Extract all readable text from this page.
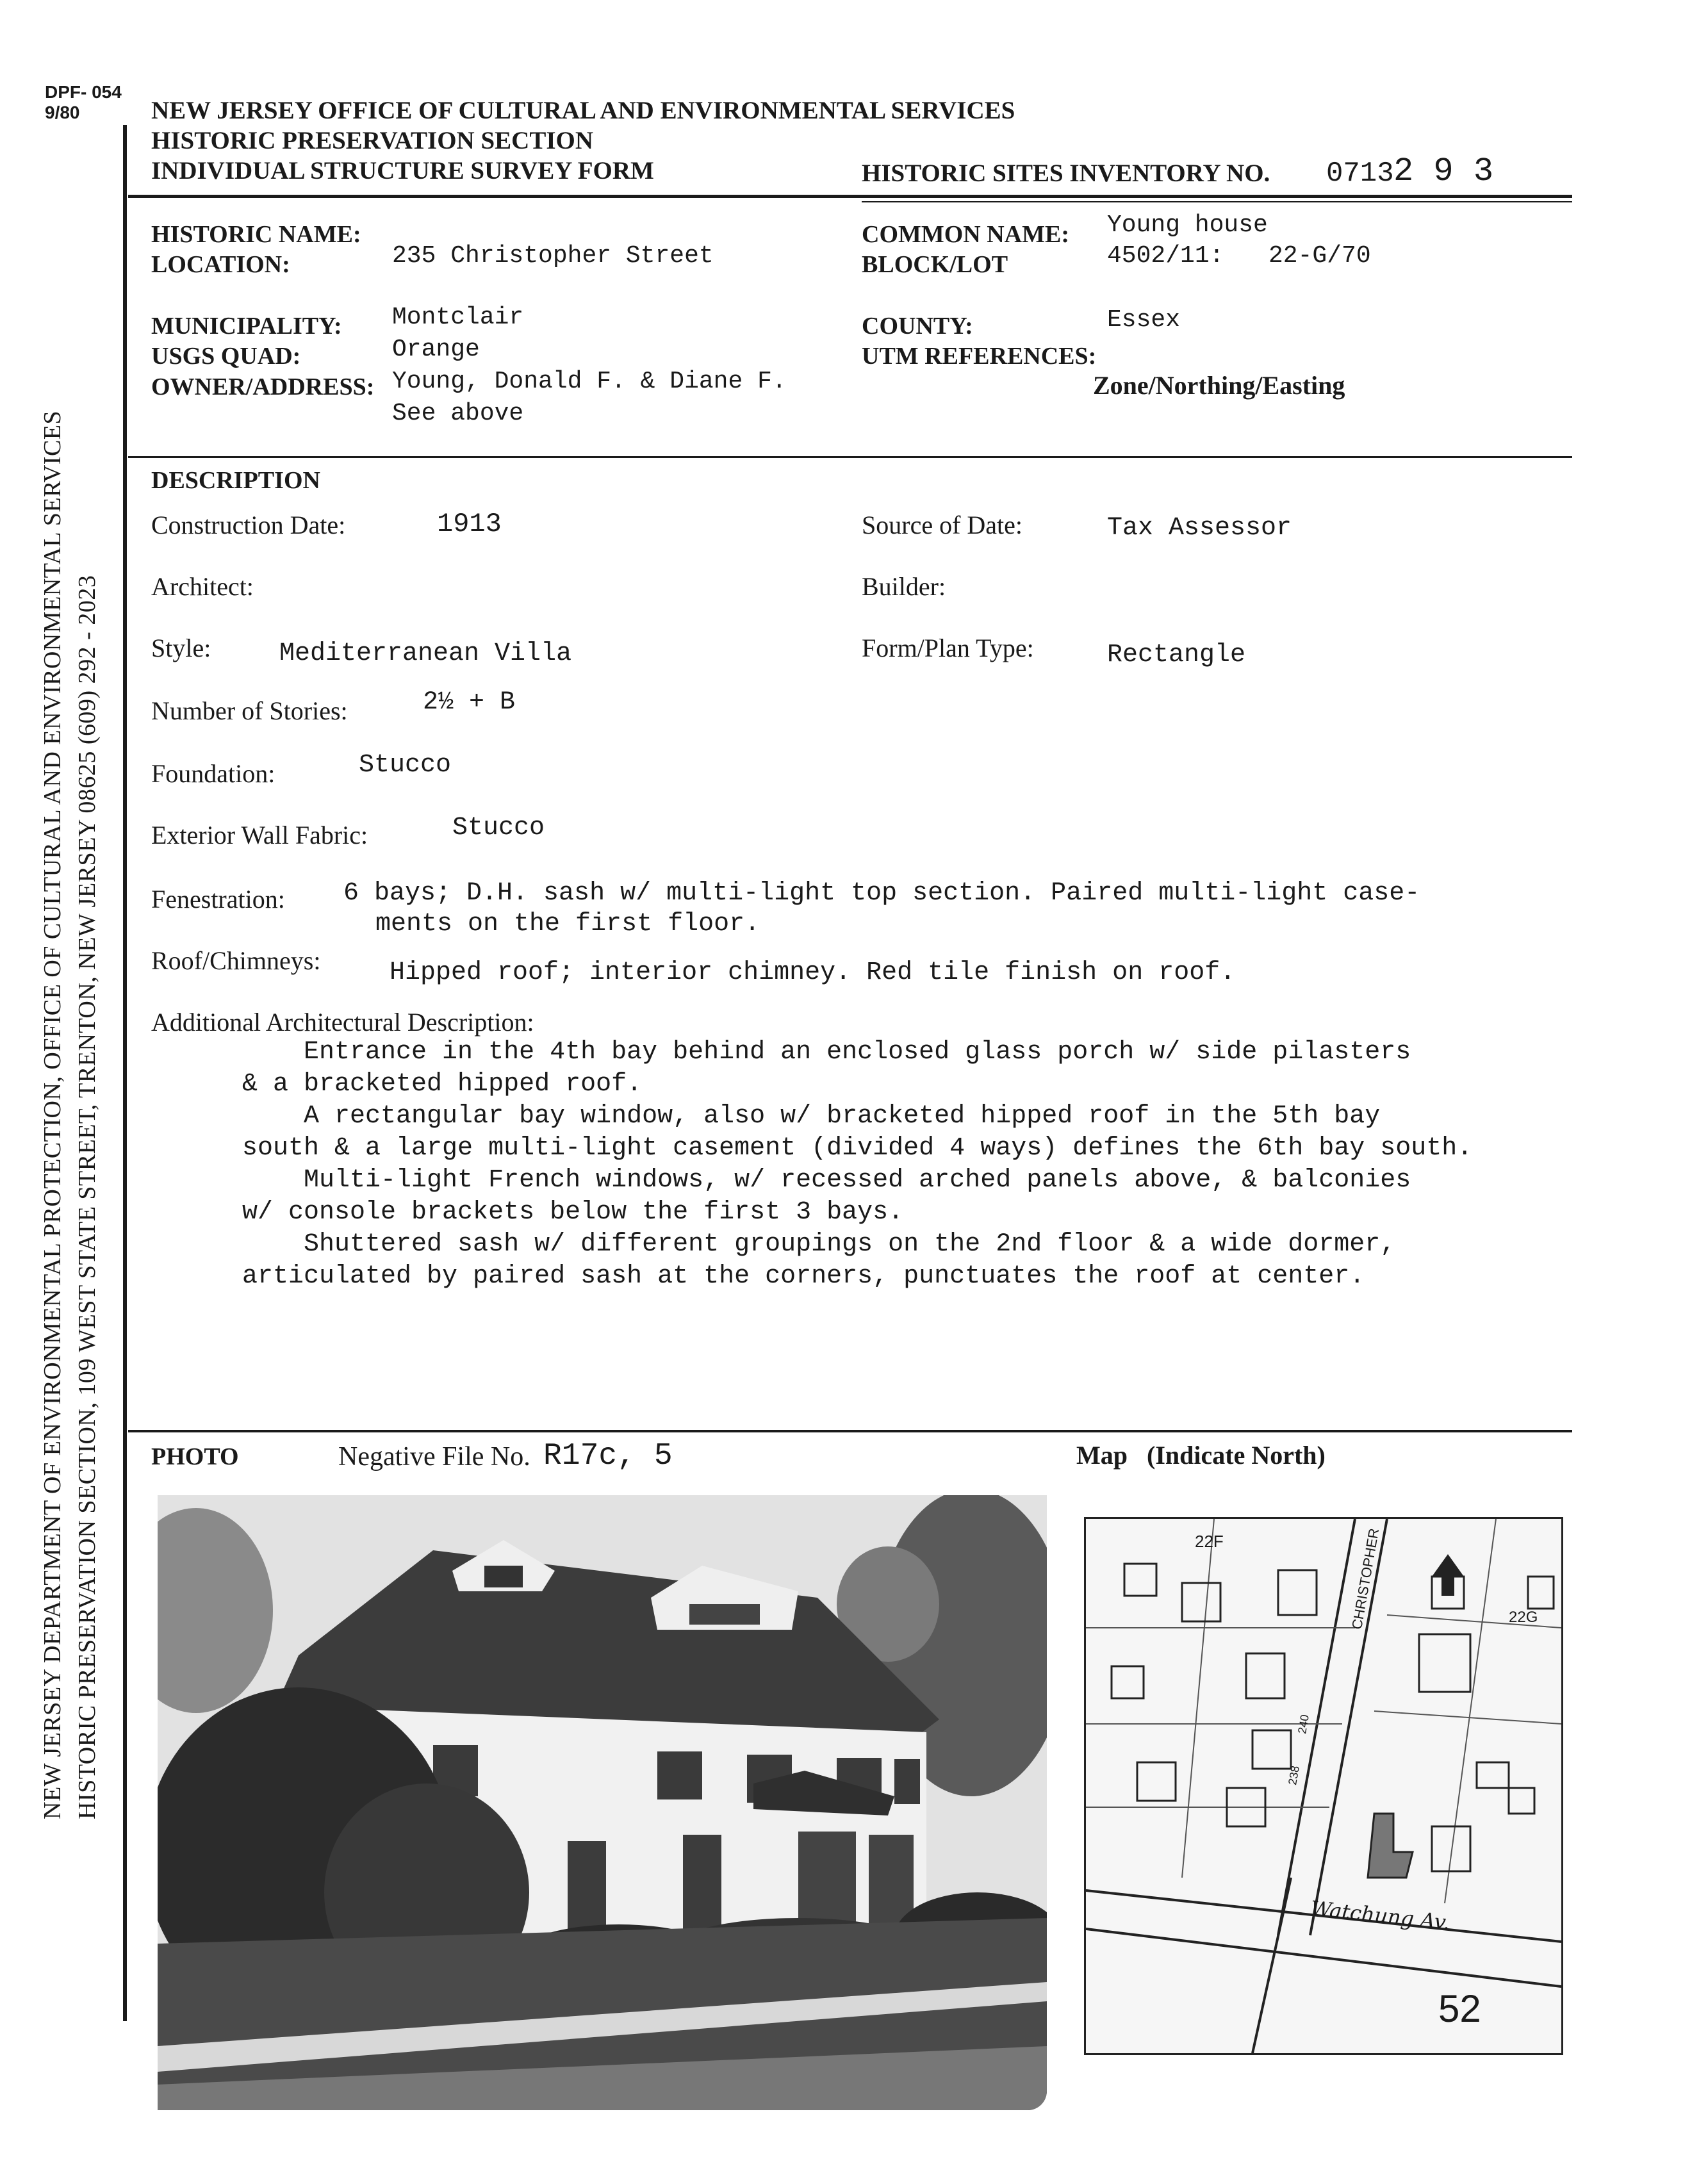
DPF- 054
9/80	NEW JERSEY OFFICE OF CULTURAL AND ENVIRONMENTAL SERVICES
HISTORIC PRESERVATION SECTION
INDIVIDUAL STRUCTURE SURVEY FORM	HISTORIC SITES INVENTORY NO. 0713 2 9 3
HISTORIC NAME:
LOCATION:	235 Christopher Street
COMMON NAME: Young house
BLOCK/LOT	4502/11: 22-G/70
MUNICIPALITY: Montclair
USGS QUAD:	Orange
OWNER/ADDRESS: Young, Donald F. & Diane F.
See above
COUNTY:	Essex
UTM REFERENCES:
Zone/Northing/Easting
DESCRIPTION
Construction Date:	1913	Source of Date:	Tax Assessor
Architect:	Builder:
Style:	Mediterranean Villa	Form/Plan Type:	Rectangle
Number of Stories:	2½ + B
Foundation:	Stucco
Exterior Wall Fabric:	Stucco
Fenestration: 6 bays; D.H. sash w/ multi-light top section. Paired multi-light case-
ments on the first floor.
Roof/Chimneys:	Hipped roof; interior chimney. Red tile finish on roof.
Additional Architectural Description:
Entrance in the 4th bay behind an enclosed glass porch w/ side pilasters
& a bracketed hipped roof.
A rectangular bay window, also w/ bracketed hipped roof in the 5th bay
south & a large multi-light casement (divided 4 ways) defines the 6th bay south.
Multi-light French windows, w/ recessed arched panels above, & balconies
w/ console brackets below the first 3 bays.
Shuttered sash w/ different groupings on the 2nd floor & a wide dormer,
articulated by paired sash at the corners, punctuates the roof at center.
PHOTO	Negative File No. R17c, 5	Map (Indicate North)
CHRISTOPHER
Watchung Av.
52
22F
22G
240
238
NEW JERSEY DEPARTMENT OF ENVIRONMENTAL PROTECTION, OFFICE OF CULTURAL AND ENVIRONMENTAL SERVICES HISTORIC PRESERVATION SECTION, 109 WEST STATE STREET, TRENTON, NEW JERSEY 08625 (609) 292 - 2023
